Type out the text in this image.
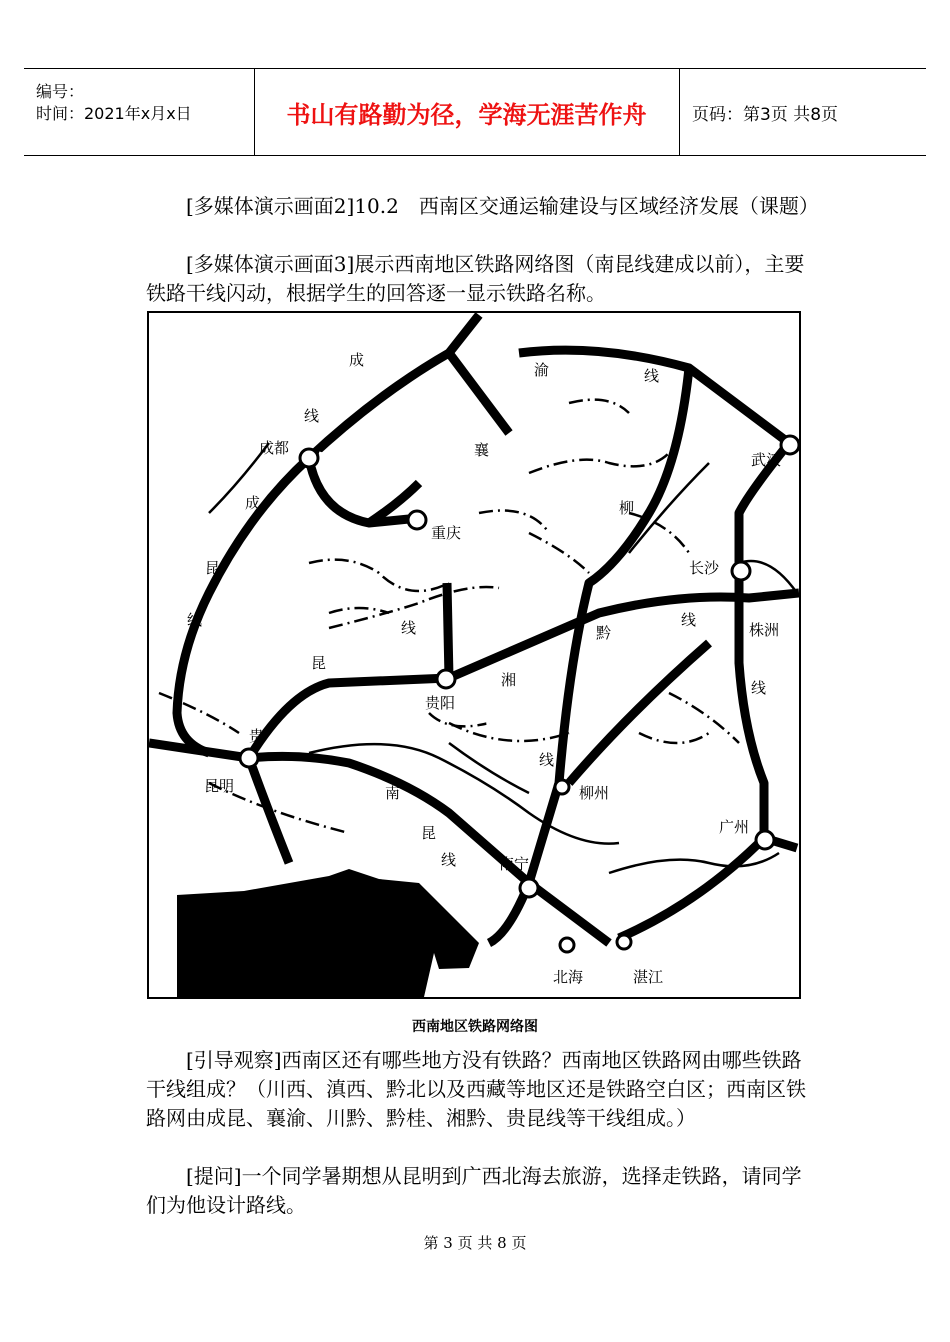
编号：
时间：2021年x月x日	书山有路勤为径，学海无涯苦作舟	页码：第3页 共8页
[多媒体演示画面2]10.2　西南区交通运输建设与区域经济发展（课题）
[多媒体演示画面3]展示西南地区铁路网络图（南昆线建成以前），主要铁路干线闪动，根据学生的回答逐一显示铁路名称。
成都
重庆
武汉
长沙
株洲
贵阳
昆明	柳州
广州
南宁
北海	湛江
成
线
渝	线
襄
柳
成
昆
线
昆
线
湘
线
黔
线
线
贵
南
昆
线
西南地区铁路网络图
[引导观察]西南区还有哪些地方没有铁路？西南地区铁路网由哪些铁路干线组成？（川西、滇西、黔北以及西藏等地区还是铁路空白区；西南区铁路网由成昆、襄渝、川黔、黔桂、湘黔、贵昆线等干线组成。）
[提问]一个同学暑期想从昆明到广西北海去旅游，选择走铁路，请同学们为他设计路线。
第 3 页 共 8 页
